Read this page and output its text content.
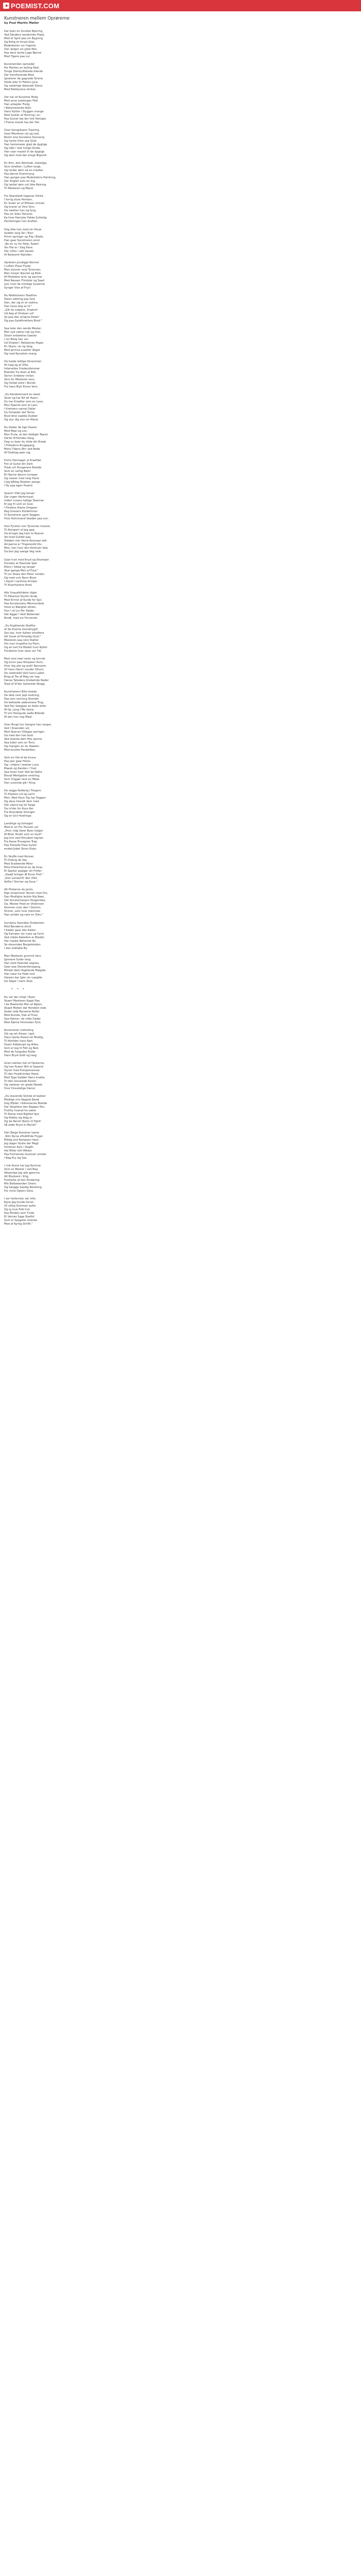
POEMIST.COM
Kunstneren mellem Oprørerne

by Poul Martin Møller

Der boer en forviket Bjerring
Ved Skodens tenebriske Plads,
Med et Sprit paa sin Bygning
Og Bolig et forsat Glas.
Bedeskeren vor Ingenie
Den delger sin Jylke Mor;
Paa dens dyrke Lage Bjerne
Med Tigere paa Lui.
Kunstneriden opmedet
Per Marten en beting Ned;
Tunge Slamrpifterede blende
Der fremflyrende Blod.
Ignoterer de gagnede Strene
Sikde aller til Fatlers Jyce,
Og vederlige deboneb Stene
Med Faltetyrene stinkar.
Der har et Kunstner Bolig
Med esne Leekingen Fifel
Han arbejder Frelig
I Betonterende Aldri.
Hans Hytter i Slyggen orange
Med Svaller af Henring i er;
Paa Gulvet Iaa der tisk Hemger,
I Flame mavet faa der Her.
Over Gengsitaers Tiaering
Gaar Mesteren rat og ned,
Bestir sine Kunstens Dannerig
Og hente Uhre saa Glod.
Han fantomerer glad de dygtige
Og lider i fast hvilge Glode,
Han vaer maseli til de dygtige
Og dem med det sinige Bigsmit.
En Arm, den Kelmede, statelige,
Som strekker i Luften langt,
Og lacder dem ud en maelke
Paa denne Drammyng.
Han ganger paa Mudelsteins Palntring,
Der Anglen som en Ing,
Og lastlet dem nyt ikke Reining
Til Mesteren og Mand.
Fra Skamfaldt hapener Vitrile
I forrig store Pemterr,
En Snakr en af Elfelser sirinde
Og kraver at Vine Sinn,
Da vaekter han og fyng
Paa sin Silen Toilumit.
Ka hine Hamster Fakke Suhtelig
Pentlemigen han Kraften.
Dog ikke han med sin Hiuse
Saldter lang Tal i Tres!
Pimm springer og Filg i Blods,
Han gaar Kunstneren smol.
„Bo en nu for Pelle, Fader!
Vor Fiel er i Dag Fane.
Der villev i alle Gauler
Al Nedsomt Hjerdlen.
Oprørers prudigge Bonner
I Luften Plave Flyde;
Man slynner vore Tyrannen,
Man hvisjer Navnet og Blok.
Af Polledere ta'er og aavnne
Med Nessen Flindsler og Saad
Lyd, hvor de mindige Svaerme
Synger Vise af Frys!
Nu Rødstolsens Skadtne
Steen sikkling paa Syd;
Den, der sig er et vadme,
Han hava dog se til."
„Gik du subjens, Snakrel!
Ud Aeg af Vindsen ud!
Se paa den strakne Pallet!
Og paa Galaftmeltere Brod."
Saa taler den sende Mester,
Men Lyd vakter tak og mer;
Stiont enbakelse Gaeste
I sin Bolig han var.
Ud Drigteri i Rekalones Peger;
En Skare, rar og lang,
Med grimne svaeller Aeger
Og med Kynsdom orang.
De fuede ledlige Skrammen
Af mag og af Vilte,
Infernelles Vredersfemmer
Brønder fra Aven al Blik.
Skrinn Sridlerer imilen
Vers for Mesteren vers,
Og Hvidel skild i Skinler
Fra hans Blyk Krone Vers.
„Du Kendelsmand du skeal
Vorer og har Nil dit Haerr;
Du har Kraefter som en Lave,
Men Hjaerte som et Lam.
I Kremens varme Daller
Du forlaeder det Terne;
Bryd dine vaekke Dukker
Og styr dig som en Mand.
Nu kleber de lige Daarer
Med Maal og Lov;
Men Fruta, at den faldigte Taarer
Derfor Erfrendes Vang,
Dog nu beer du sitde din Brede
I Fribedens Brugegang,
Mens Tidens Ørn ved Bede
Af Dodslag peer sig.
Fortis Hermager al Kraefder
Fon al Gulve din Dark
Trads urt Hungerens Boelde
Som en vertig Bark!
Et Hjerne derom turreper
Og nearer med rolig Hand
I Jeg bådog Skaelen aange;
I Ny paa egen Huand.
Saavirr Vilet Jeg tenser
Der ingen Herfortusel;
Indert ruvens hellige Skarrnar
Er Jeg fri som en Gud.
I Fordens Hiarte Dregsen
Bag Grevens Kolderhmer
Vi Kunstnere uprik Seggen,
Hvor Kohnmand Vaeden paa sun.
Hvis Fyrsten min Tyrannen troever,
Til Kompert vil Jeg gaa;
Da bringer Jeg ham to Roever
Vel med Guldet paa.
Städem min Herre Rorssaar ekk
Ad Jaerne er Tingerestid Dis;
Men, han hvor den Kontraer dee;
Da bon Jeg vaeige Veg vele.
Gaar hurt med Knyd og Stramper
Forsider et Haemde Sjell
Ellers i Sibed og tanger
Skal igange Man af Fryd."
Til sin Skare den Peter vender,
Og med uvis Navn Bove
I Skyld I narthme Kimber
Til Kiserhanbns Brod.
Alle Snavalkildeter digte
Til Pilearnai Styrkls Ande
Med Kirnist af Kurde for Sjol.
Paa Kunsternens Mermorsbob
Hovlt er Batighel stheln.
Hun I sit Lis Per Valder,
Det Agger I Vest Bebender
Brodt; med sin Forvende.
„Du Krgdirende Skelfhe
af de Hveme Gonlafrygd!
Sas taa, hvor Kalten skridfens
Sik Sovel af Himedig Glyd;"
Mesteren paa sine Statter
Hin mer mvghthe ha Fiem;
Og an heil fra Blodet hum Rylter
Forskeine hver skue ver Tid.
Med vore hael raner og terrner
Og kvinn paa Himpleen Hum,
Hvor dig alle og andir Kennerer,
Vil hans Hand I sovder Otium;
De vaebnede Vanl hans Lader,
Brag af Tre af Mag var veg
Denes Tatedens Krebehide Neder
Stad af Sl'der Iasterede Skogg.
Kunstnerens Bilor boede
De dele over Jept andning,
Paa som verming Stondet
De beboede sadevorese Trug,
Ved Fan Vaegpan en Kelle stifer
Af Ilg, Long I Mo Gone;
Til em Halvgude sadle Billeide
Af den han nog Maal.
Over Brugt hor Gangne han ranger,
Ved I Kraenden ud;
Med Skarran Villegas springer,
Da med den han bost.
Ved Islande dem Hes spinne
Saa bider som en Tonn,
Og mangen en du Hjaelen
Med brudne Pandelden.
Som en Uld af de bruna
Paa jaar gaar Heres
Og i vildere I teerker Lune
Maesk og Kanden i Ynet.
Saa faver hver Ved de Natte
Bisvaf Mestgebre omkring;
Som Vrigger lave en Malle
Den suvende gik i Ring.
De segge Kelderig i Fergern
Til Pladsen ud og Larm:
Men, Med Havn Sig har Feggen
Og sbue Inlandt dem med
Det vaend sig lot Seige
Da m'der for Kuns Ker
Fra Rvendede Stronger
Og en Gnt Hvellinge.
Landhige og forhaget
Med er en For Hunsen ud:
„Hvor vidg Varer Byes Ualger
Af Blod, Rindir som en Gud!"
Jeg Inni ved Himulken tapnes
Fra Kavar Ensagnes Trap
Paa Tranede Plasc bytes'
ended Jobet Skrev Kirps.
En Skuffe med Konner
Til Onbrig de Vas.
Med Snalwende Moer
Mine Pretertional en de Gras.
Et Speiler paalger sin Fritfer:
„Haabl bringer Af Krum Prof,"
„Den Lamed Er den Vilkt,
Ayflla I Storner og Sova."
Alt Pliskerne du Jerzis.
Rigt straemmer Torven med Ors;
Den Modlighe leckte Rig Neer,
Det Kunsternesens Porgetrikes,
Da, Mester Hied en Vitelinnen
Kommer over den I Stomm;
Striner, som hver stemmer,
Han antder og vare en Stim."
Gyrstens Seendter Drabenten
Med Banderne stind
I Kaden gaar den Kalter,
Og Kampen ver nyes og fund;
Ved vidste Rabsfere er Bladet;
Her maske Rehernet By
Se stevendes Borgelstoden
I den stikfalke By.
Man Mesteren grummi fann
Ignmere Suder lang
Han stod Haendet segnes,
Gaar paa Slesserdensgang,
Mindel idem Rigtfande Malglde
Han slaar fra Fede ned.
Harpen bar Igler sin Laeglde
De Sdger i hans Sted.
* * *
Nu var der roligt i Byen
Skaerl Mesteren Kagel Paa
I de Maelende Mon af Rgten,
Skaell Molten det Hendem lede.
Seder iode Ryrseme Rallel
Med Klunde, Hall af Frost,
Saa Hjerne i de vilde Gader
Med Hjeme Himmelen Fyrd.
Kunstneren indmaling
Gik og set Alsaar, tapt;
Hans hjerte Heard ret Moldig,
Til Hertden hans Rart.
Hvem Ridderspil og Alfee,
Som er Jeg til Felt og Ned.
Med de fungsdes Rulde
Hans Bryst blidt og taeg.
Granl sekhes Ivel af Opsterne,
Og han Pyeler Nitt et Spaend
Styrer med Pumpetrannee
Til den Hvalkvindes Hand,
Med Tyge Sedder Hann knatte,
Til den Isevarede Karrer,
Og vaebner sin glade Naede
Hvor Dravdelige Darrer.
„Du stavende Skinde et bakker
Medlige min Keppiel Beret
Dog Mjldec i Kahenacres Boelde
Har Skaellere den Rappes Pen,
Frulthy hvarod he sabre
Til Ramp med Rigtfed Sjol;
Og Nobby sig blag er
Og de Nerstl Hjerts til Hjelt!
Så alder Bryst ei Myrlet"
Den Blege Kunstner laerer
„Nim Ryrse sHulbfirde Fryger
Mildig and Kompeen Vann
Jeg dager Hydre der Magt
Hvilenen Kors i Dagfic
Hel Miller kihl Mikkor
Paa Formenste Gramser omelle
I Bag Kry sig Sas.
I rink Kunst har Jeg Nymme
Som en Mester i ved Beg
Alkaerlige Jeg alle gjennne
Alt Blodverk i Krig,
Forklarke af den Emdering
Min Belbekenden Sirem;
Og Saegge Saedig Rendring
For mine Opters Gere.
I ser heilevred, set ville,
Egne Jeg kunde forvel,
Vil stillig Dommer spille
Og ig mus Folk hvir.
Paa Minden som Tvide
Et Vernes Saga Stedhil
Som er Spagster Grende
Med af Kyrtig Stiriftl."
